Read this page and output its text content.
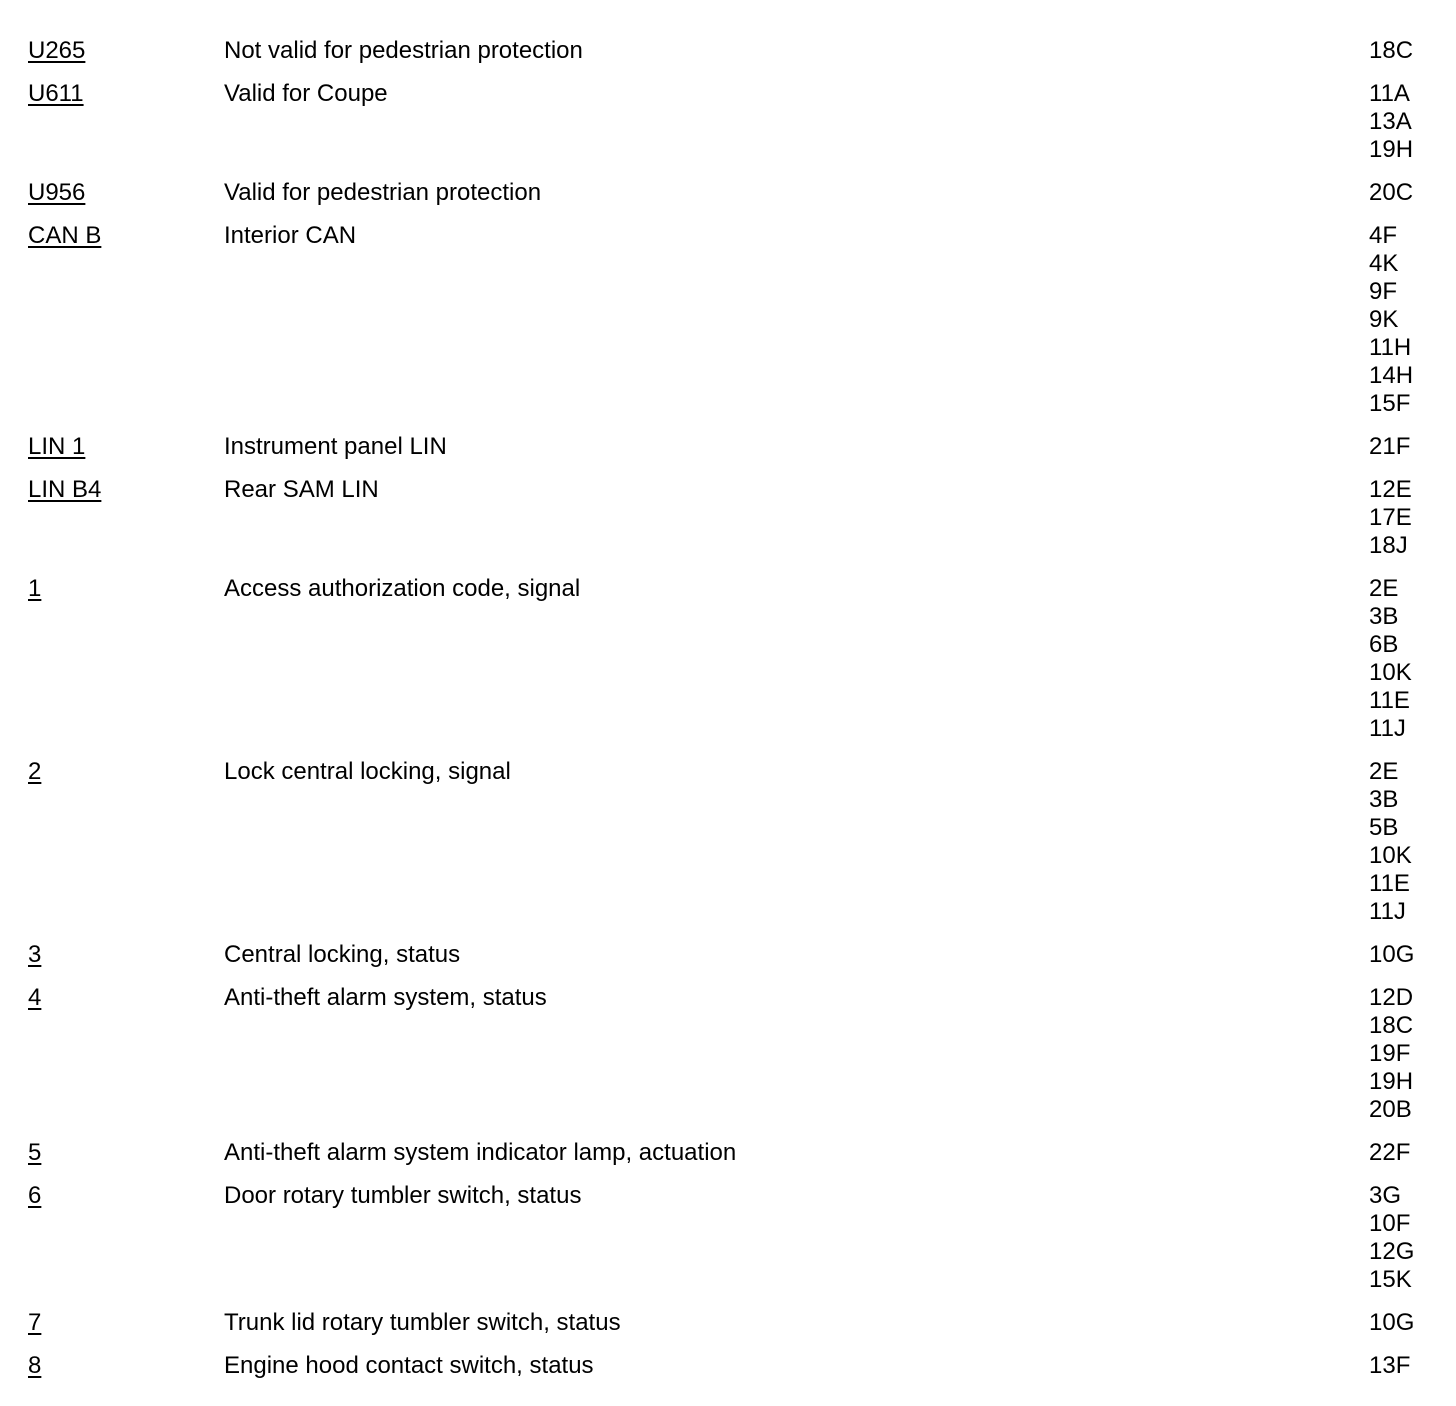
U265	Not valid for pedestrian protection	18C
U611	Valid for Coupe	11A
13A
19H
U956	Valid for pedestrian protection	20C
CAN B	Interior CAN	4F
4K
9F
9K
11H
14H
15F
LIN 1	Instrument panel LIN	21F
LIN B4	Rear SAM LIN	12E
17E
18J
1	Access authorization code, signal	2E
3B
6B
10K
11E
11J
2	Lock central locking, signal	2E
3B
5B
10K
11E
11J
3	Central locking, status	10G
4	Anti-theft alarm system, status	12D
18C
19F
19H
20B
5	Anti-theft alarm system indicator lamp, actuation	22F
6	Door rotary tumbler switch, status	3G
10F
12G
15K
7	Trunk lid rotary tumbler switch, status	10G
8	Engine hood contact switch, status	13F
